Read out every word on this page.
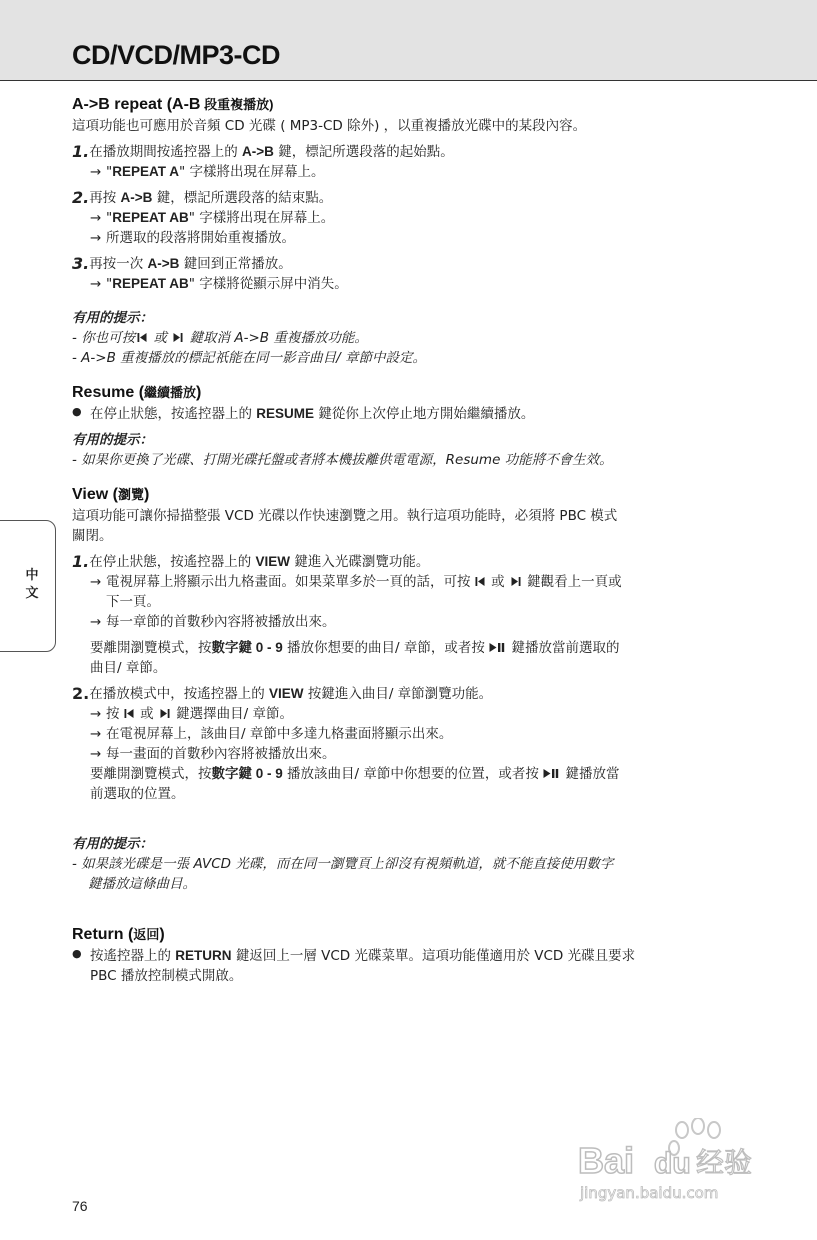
CD/VCD/MP3-CD
中
文
A->B repeat (A-B 段重複播放)

這項功能也可應用於音頻 CD 光碟 ( MP3-CD 除外) ，以重複播放光碟中的某段內容。

1. 在播放期間按遙控器上的 A->B 鍵，標記所選段落的起始點。
→ "REPEAT A" 字樣將出現在屏幕上。
2. 再按 A->B 鍵，標記所選段落的結束點。
→ "REPEAT AB" 字樣將出現在屏幕上。
→ 所選取的段落將開始重複播放。
3. 再按一次 A->B 鍵回到正常播放。
→ "REPEAT AB" 字樣將從顯示屏中消失。

有用的提示：

- 你也可按 或  鍵取消 A->B 重複播放功能。

- A->B 重複播放的標記祇能在同一影音曲目/ 章節中設定。

Resume (繼續播放)
● 在停止狀態，按遙控器上的 RESUME 鍵從你上次停止地方開始繼續播放。

有用的提示：

- 如果你更換了光碟、打開光碟托盤或者將本機拔離供電電源，Resume 功能將不會生效。

View (瀏覽)

這項功能可讓你掃描整張 VCD 光碟以作快速瀏覽之用。執行這項功能時，必須將 PBC 模式

關閉。

1. 在停止狀態，按遙控器上的 VIEW 鍵進入光碟瀏覽功能。
→ 電視屏幕上將顯示出九格畫面。如果菜單多於一頁的話，可按  或  鍵觀看上一頁或
下一頁。
→ 每一章節的首數秒內容將被播放出來。
要離開瀏覽模式，按數字鍵 0 - 9 播放你想要的曲目/ 章節，或者按  鍵播放當前選取的
曲目/ 章節。
2. 在播放模式中，按遙控器上的 VIEW 按鍵進入曲目/ 章節瀏覽功能。
→ 按  或  鍵選擇曲目/ 章節。
→ 在電視屏幕上，該曲目/ 章節中多達九格畫面將顯示出來。
→ 每一畫面的首數秒內容將被播放出來。
要離開瀏覽模式，按數字鍵 0 - 9 播放該曲目/ 章節中你想要的位置，或者按  鍵播放當
前選取的位置。

有用的提示：

- 如果該光碟是一張 AVCD 光碟，而在同一瀏覽頁上卻沒有視頻軌道，就不能直接使用數字

鍵播放這條曲目。

Return (返回)
● 按遙控器上的 RETURN 鍵返回上一層 VCD 光碟菜單。這項功能僅適用於 VCD 光碟且要求
PBC 播放控制模式開啟。
Bai du 经验
jingyan.baidu.com
76
